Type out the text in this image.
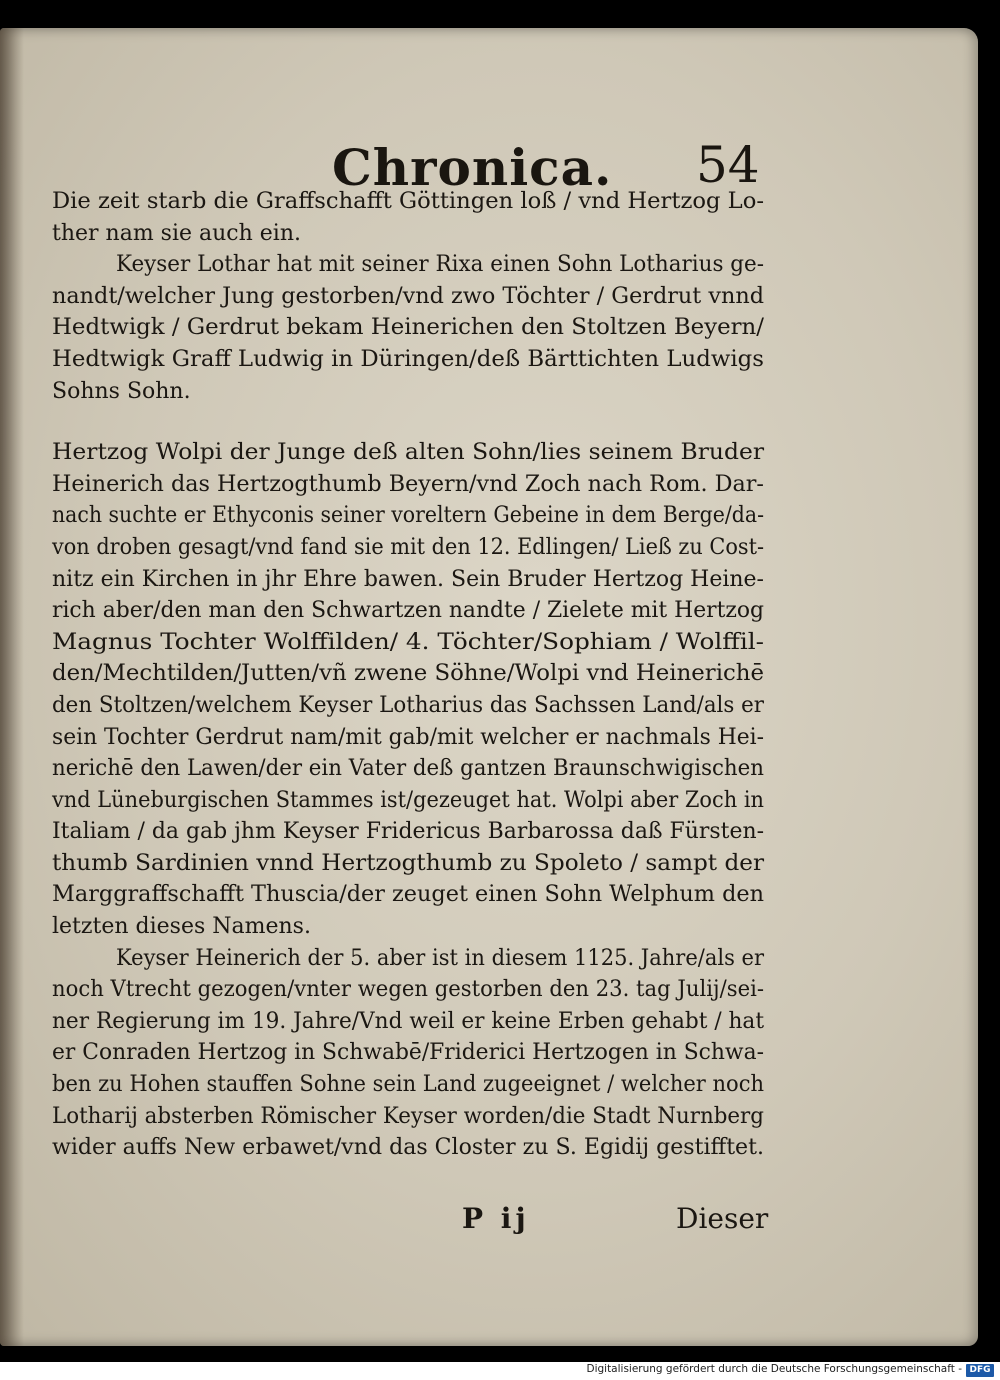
Chronica. 54
Die zeit starb die Graffschafft Göttingen loß / vnd Hertzog Lo-
ther nam sie auch ein.
Keyser Lothar hat mit seiner Rixa einen Sohn Lotharius ge-
nandt/welcher Jung gestorben/vnd zwo Töchter / Gerdrut vnnd
Hedtwigk / Gerdrut bekam Heinerichen den Stoltzen Beyern/
Hedtwigk Graff Ludwig in Düringen/deß Bärttichten Ludwigs
Sohns Sohn.
Hertzog Wolpi der Junge deß alten Sohn/lies seinem Bruder
Heinerich das Hertzogthumb Beyern/vnd Zoch nach Rom. Dar-
nach suchte er Ethyconis seiner voreltern Gebeine in dem Berge/da-
von droben gesagt/vnd fand sie mit den 12. Edlingen/ Ließ zu Cost-
nitz ein Kirchen in jhr Ehre bawen. Sein Bruder Hertzog Heine-
rich aber/den man den Schwartzen nandte / Zielete mit Hertzog
Magnus Tochter Wolffilden/ 4. Töchter/Sophiam / Wolffil-
den/Mechtilden/Jutten/vñ zwene Söhne/Wolpi vnd Heinerichē
den Stoltzen/welchem Keyser Lotharius das Sachssen Land/als er
sein Tochter Gerdrut nam/mit gab/mit welcher er nachmals Hei-
nerichē den Lawen/der ein Vater deß gantzen Braunschwigischen
vnd Lüneburgischen Stammes ist/gezeuget hat. Wolpi aber Zoch in
Italiam / da gab jhm Keyser Fridericus Barbarossa daß Fürsten-
thumb Sardinien vnnd Hertzogthumb zu Spoleto / sampt der
Marggraffschafft Thuscia/der zeuget einen Sohn Welphum den
letzten dieses Namens.
Keyser Heinerich der 5. aber ist in diesem 1125. Jahre/als er
noch Vtrecht gezogen/vnter wegen gestorben den 23. tag Julij/sei-
ner Regierung im 19. Jahre/Vnd weil er keine Erben gehabt / hat
er Conraden Hertzog in Schwabē/Friderici Hertzogen in Schwa-
ben zu Hohen stauffen Sohne sein Land zugeeignet / welcher noch
Lotharij absterben Römischer Keyser worden/die Stadt Nurnberg
wider auffs New erbawet/vnd das Closter zu S. Egidij gestifftet.
P ij	Dieser
Digitalisierung gefördert durch die Deutsche Forschungsgemeinschaft - DFG
